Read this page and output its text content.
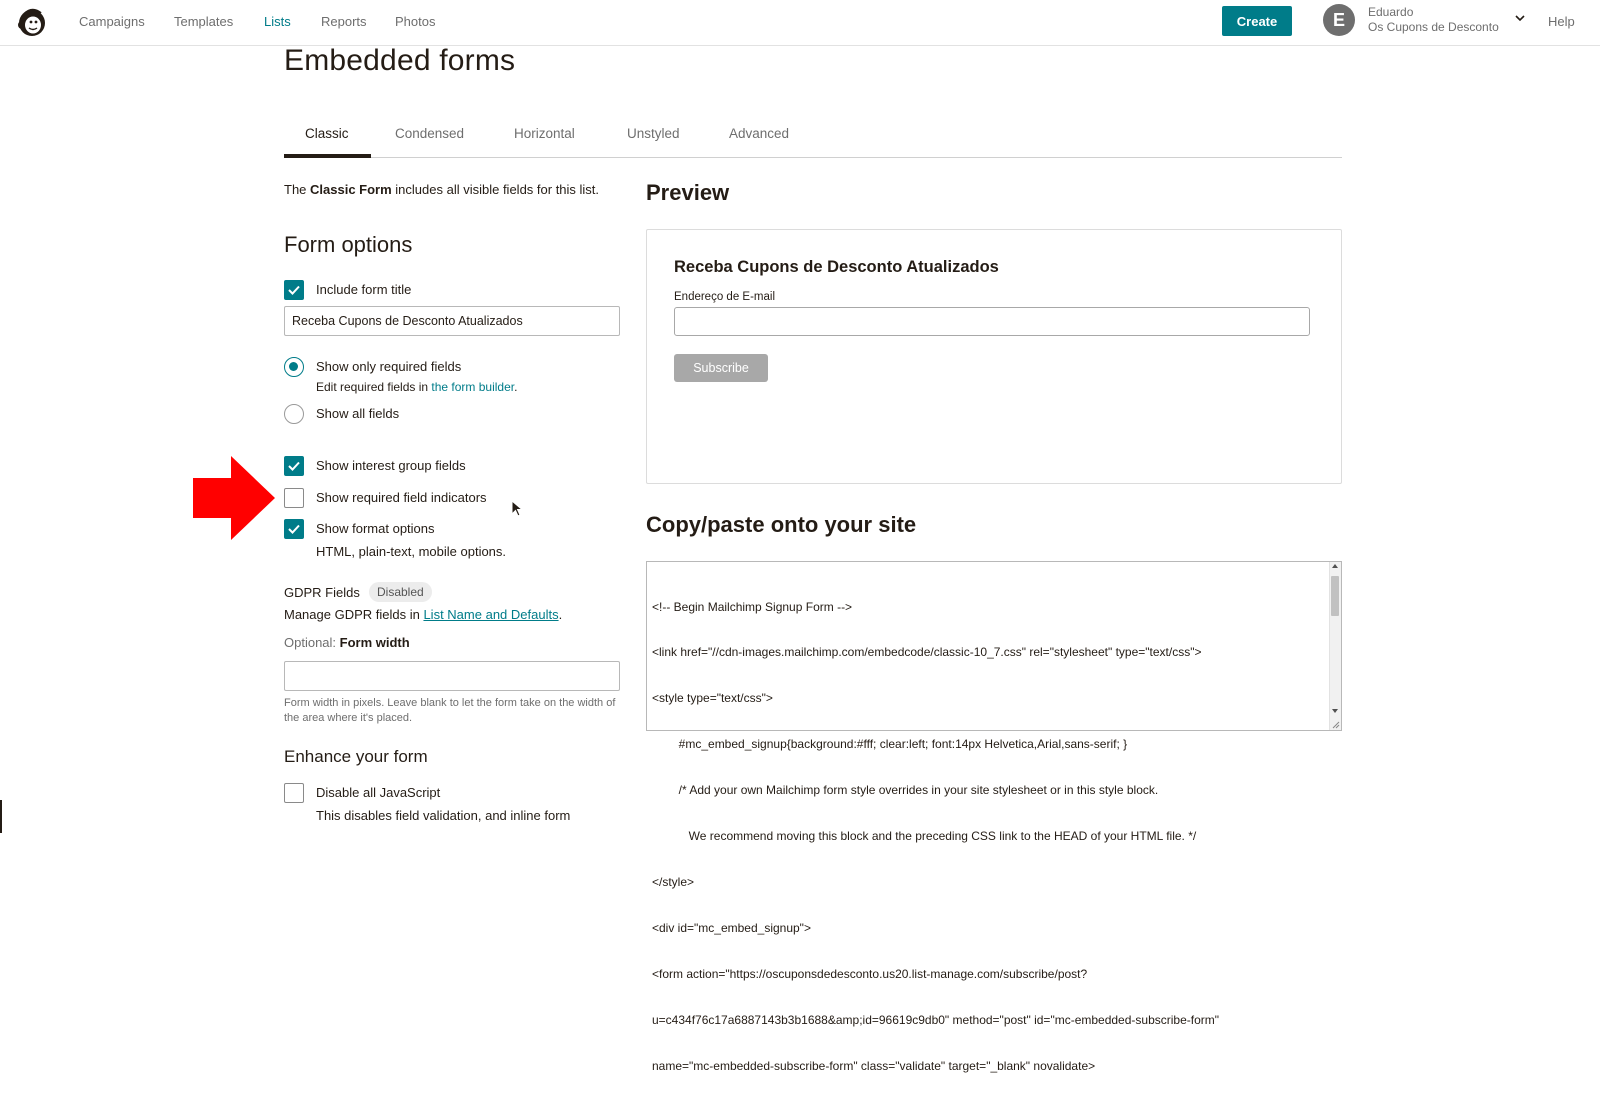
Campaigns Templates Lists Reports Photos	Create	E	Eduardo
Os Cupons de Desconto	Help
Embedded forms
Classic	Condensed	Horizontal	Unstyled	Advanced

The Classic Form includes all visible fields for this list.

Form options
Include form title
Receba Cupons de Desconto Atualizados
Show only required fields
Edit required fields in the form builder.
Show all fields
Show interest group fields
Show required field indicators
Show format options
HTML, plain-text, mobile options.
GDPR Fields	Disabled
Manage GDPR fields in List Name and Defaults.
Optional: Form width

Form width in pixels. Leave blank to let the form take on the width of the area where it's placed.

Enhance your form
Disable all JavaScript
This disables field validation, and inline form
Preview
Receba Cupons de Desconto Atualizados
Endereço de E-mail
Subscribe
Copy/paste onto your site

<!-- Begin Mailchimp Signup Form -->

<link href="//cdn-images.mailchimp.com/embedcode/classic-10_7.css" rel="stylesheet" type="text/css">

<style type="text/css">

#mc_embed_signup{background:#fff; clear:left; font:14px Helvetica,Arial,sans-serif; }

/* Add your own Mailchimp form style overrides in your site stylesheet or in this style block.

We recommend moving this block and the preceding CSS link to the HEAD of your HTML file. */

</style>

<div id="mc_embed_signup">

<form action="https://oscuponsdedesconto.us20.list-manage.com/subscribe/post?

u=c434f76c17a6887143b3b1688&amp;id=96619c9db0" method="post" id="mc-embedded-subscribe-form"

name="mc-embedded-subscribe-form" class="validate" target="_blank" novalidate>
